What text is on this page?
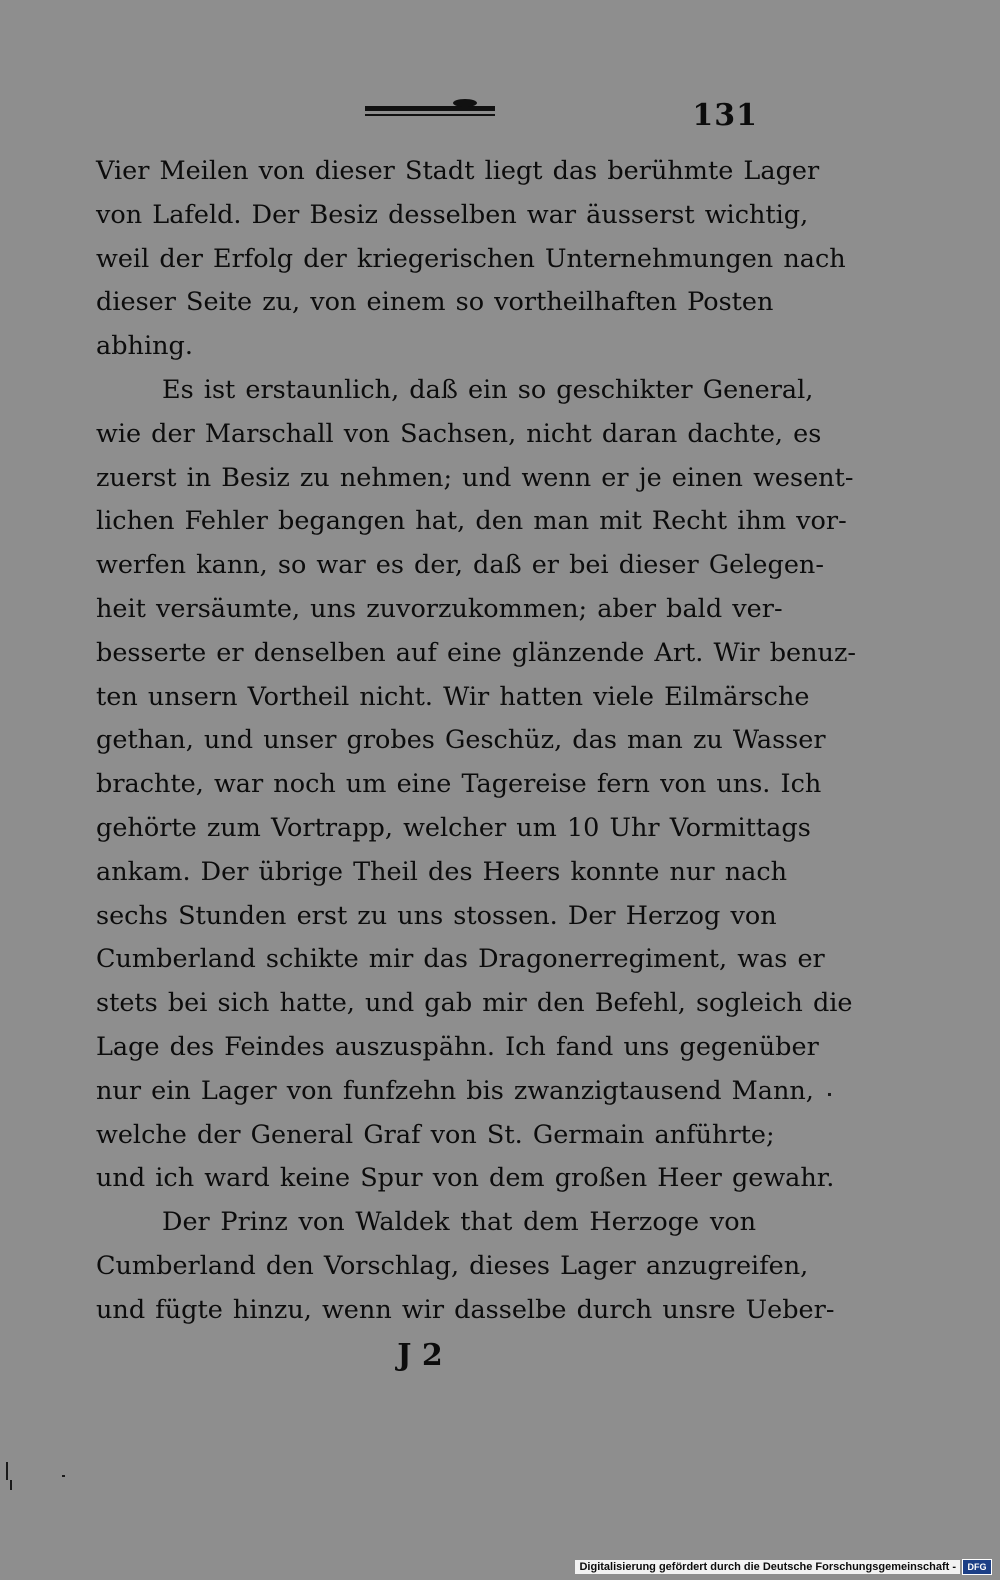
131
Vier Meilen von dieser Stadt liegt das berühmte Lager
von Lafeld. Der Besiz desselben war äusserst wichtig,
weil der Erfolg der kriegerischen Unternehmungen nach
dieser Seite zu, von einem so vortheilhaften Posten
abhing.
Es ist erstaunlich, daß ein so geschikter General,
wie der Marschall von Sachsen, nicht daran dachte, es
zuerst in Besiz zu nehmen; und wenn er je einen wesent-
lichen Fehler begangen hat, den man mit Recht ihm vor-
werfen kann, so war es der, daß er bei dieser Gelegen-
heit versäumte, uns zuvorzukommen; aber bald ver-
besserte er denselben auf eine glänzende Art. Wir benuz-
ten unsern Vortheil nicht. Wir hatten viele Eilmärsche
gethan, und unser grobes Geschüz, das man zu Wasser
brachte, war noch um eine Tagereise fern von uns. Ich
gehörte zum Vortrapp, welcher um 10 Uhr Vormittags
ankam. Der übrige Theil des Heers konnte nur nach
sechs Stunden erst zu uns stossen. Der Herzog von
Cumberland schikte mir das Dragonerregiment, was er
stets bei sich hatte, und gab mir den Befehl, sogleich die
Lage des Feindes auszuspähn. Ich fand uns gegenüber
nur ein Lager von funfzehn bis zwanzigtausend Mann,
welche der General Graf von St. Germain anführte;
und ich ward keine Spur von dem großen Heer gewahr.
Der Prinz von Waldek that dem Herzoge von
Cumberland den Vorschlag, dieses Lager anzugreifen,
und fügte hinzu, wenn wir dasselbe durch unsre Ueber-
J 2
Digitalisierung gefördert durch die Deutsche Forschungsgemeinschaft -	DFG
